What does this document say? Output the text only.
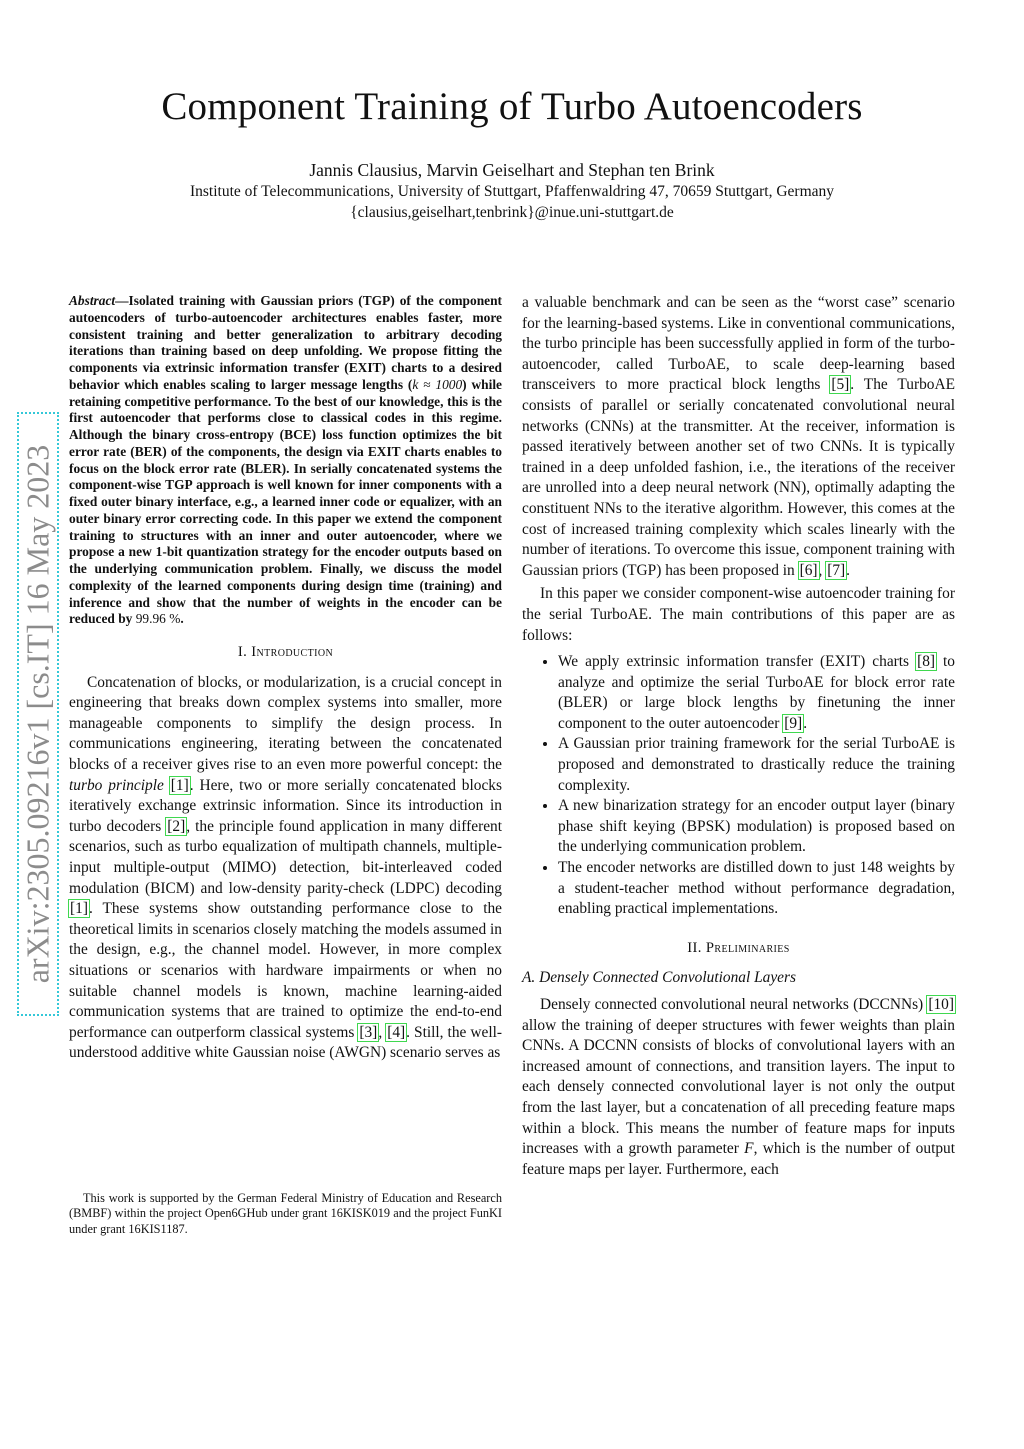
Component Training of Turbo Autoencoders
Jannis Clausius, Marvin Geiselhart and Stephan ten Brink
Institute of Telecommunications, University of Stuttgart, Pfaffenwaldring 47, 70659 Stuttgart, Germany
{clausius,geiselhart,tenbrink}@inue.uni-stuttgart.de
arXiv:2305.09216v1 [cs.IT] 16 May 2023

Abstract—Isolated training with Gaussian priors (TGP) of the component autoencoders of turbo-autoencoder architectures enables faster, more consistent training and better generalization to arbitrary decoding iterations than training based on deep unfolding. We propose fitting the components via extrinsic information transfer (EXIT) charts to a desired behavior which enables scaling to larger message lengths (k ≈ 1000) while retaining competitive performance. To the best of our knowledge, this is the first autoencoder that performs close to classical codes in this regime. Although the binary cross-entropy (BCE) loss function optimizes the bit error rate (BER) of the components, the design via EXIT charts enables to focus on the block error rate (BLER). In serially concatenated systems the component-wise TGP approach is well known for inner components with a fixed outer binary interface, e.g., a learned inner code or equalizer, with an outer binary error correcting code. In this paper we extend the component training to structures with an inner and outer autoencoder, where we propose a new 1-bit quantization strategy for the encoder outputs based on the underlying communication problem. Finally, we discuss the model complexity of the learned components during design time (training) and inference and show that the number of weights in the encoder can be reduced by 99.96 %.

I. Introduction

Concatenation of blocks, or modularization, is a crucial concept in engineering that breaks down complex systems into smaller, more manageable components to simplify the design process. In communications engineering, iterating between the concatenated blocks of a receiver gives rise to an even more powerful concept: the turbo principle [1]. Here, two or more serially concatenated blocks iteratively exchange extrinsic information. Since its introduction in turbo decoders [2], the principle found application in many different scenarios, such as turbo equalization of multipath channels, multiple-input multiple-output (MIMO) detection, bit-interleaved coded modulation (BICM) and low-density parity-check (LDPC) decoding [1]. These systems show outstanding performance close to the theoretical limits in scenarios closely matching the models assumed in the design, e.g., the channel model. However, in more complex situations or scenarios with hardware impairments or when no suitable channel models is known, machine learning-aided communication systems that are trained to optimize the end-to-end performance can outperform classical systems [3], [4]. Still, the well-understood additive white Gaussian noise (AWGN) scenario serves as

This work is supported by the German Federal Ministry of Education and Research (BMBF) within the project Open6GHub under grant 16KISK019 and the project FunKI under grant 16KIS1187.

a valuable benchmark and can be seen as the “worst case” scenario for the learning-based systems. Like in conventional communications, the turbo principle has been successfully applied in form of the turbo-autoencoder, called TurboAE, to scale deep-learning based transceivers to more practical block lengths [5]. The TurboAE consists of parallel or serially concatenated convolutional neural networks (CNNs) at the transmitter. At the receiver, information is passed iteratively between another set of two CNNs. It is typically trained in a deep unfolded fashion, i.e., the iterations of the receiver are unrolled into a deep neural network (NN), optimally adapting the constituent NNs to the iterative algorithm. However, this comes at the cost of increased training complexity which scales linearly with the number of iterations. To overcome this issue, component training with Gaussian priors (TGP) has been proposed in [6], [7].

In this paper we consider component-wise autoencoder training for the serial TurboAE. The main contributions of this paper are as follows:

• We apply extrinsic information transfer (EXIT) charts [8] to analyze and optimize the serial TurboAE for block error rate (BLER) or large block lengths by finetuning the inner component to the outer autoencoder [9].
• A Gaussian prior training framework for the serial TurboAE is proposed and demonstrated to drastically reduce the training complexity.
• A new binarization strategy for an encoder output layer (binary phase shift keying (BPSK) modulation) is proposed based on the underlying communication problem.
• The encoder networks are distilled down to just 148 weights by a student-teacher method without performance degradation, enabling practical implementations.
II. Preliminaries
A. Densely Connected Convolutional Layers

Densely connected convolutional neural networks (DCCNNs) [10] allow the training of deeper structures with fewer weights than plain CNNs. A DCCNN consists of blocks of convolutional layers with an increased amount of connections, and transition layers. The input to each densely connected convolutional layer is not only the output from the last layer, but a concatenation of all preceding feature maps within a block. This means the number of feature maps for inputs increases with a growth parameter F, which is the number of output feature maps per layer. Furthermore, each
